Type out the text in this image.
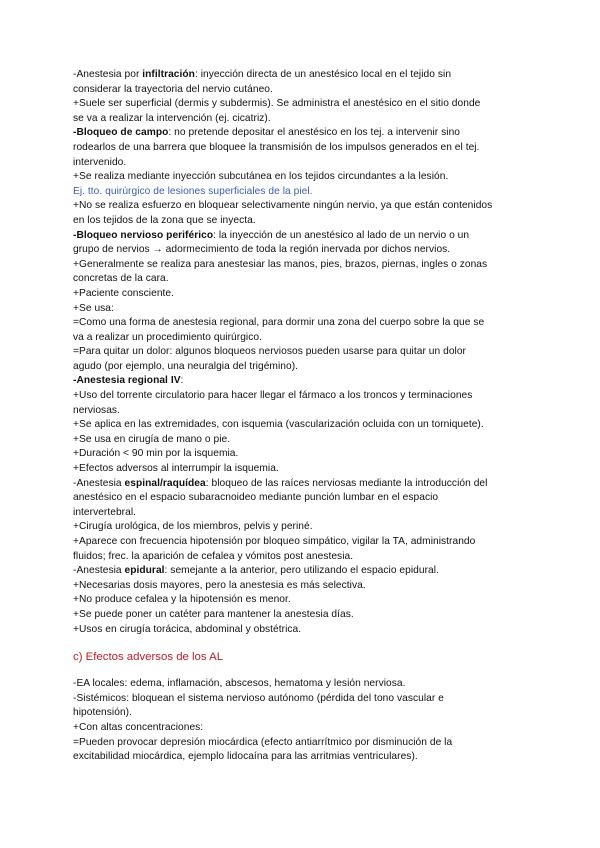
-Anestesia por infiltración: inyección directa de un anestésico local en el tejido sin
considerar la trayectoria del nervio cutáneo.
+Suele ser superficial (dermis y subdermis). Se administra el anestésico en el sitio donde
se va a realizar la intervención (ej. cicatriz).
-Bloqueo de campo: no pretende depositar el anestésico en los tej. a intervenir sino
rodearlos de una barrera que bloquee la transmisión de los impulsos generados en el tej.
intervenido.
+Se realiza mediante inyección subcutánea en los tejidos circundantes a la lesión.
Ej. tto. quirúrgico de lesiones superficiales de la piel.
+No se realiza esfuerzo en bloquear selectivamente ningún nervio, ya que están contenidos
en los tejidos de la zona que se inyecta.
-Bloqueo nervioso periférico: la inyección de un anestésico al lado de un nervio o un
grupo de nervios → adormecimiento de toda la región inervada por dichos nervios.
+Generalmente se realiza para anestesiar las manos, pies, brazos, piernas, ingles o zonas
concretas de la cara.
+Paciente consciente.
+Se usa:
=Como una forma de anestesia regional, para dormir una zona del cuerpo sobre la que se
va a realizar un procedimiento quirúrgico.
=Para quitar un dolor: algunos bloqueos nerviosos pueden usarse para quitar un dolor
agudo (por ejemplo, una neuralgia del trigémino).
-Anestesia regional IV:
+Uso del torrente circulatorio para hacer llegar el fármaco a los troncos y terminaciones
nerviosas.
+Se aplica en las extremidades, con isquemia (vascularización ocluida con un torniquete).
+Se usa en cirugía de mano o pie.
+Duración < 90 min por la isquemia.
+Efectos adversos al interrumpir la isquemia.
-Anestesia espinal/raquídea: bloqueo de las raíces nerviosas mediante la introducción del
anestésico en el espacio subaracnoideo mediante punción lumbar en el espacio
intervertebral.
+Cirugía urológica, de los miembros, pelvis y periné.
+Aparece con frecuencia hipotensión por bloqueo simpático, vigilar la TA, administrando
fluidos; frec. la aparición de cefalea y vómitos post anestesia.
-Anestesia epidural: semejante a la anterior, pero utilizando el espacio epidural.
+Necesarias dosis mayores, pero la anestesia es más selectiva.
+No produce cefalea y la hipotensión es menor.
+Se puede poner un catéter para mantener la anestesia días.
+Usos en cirugía torácica, abdominal y obstétrica.
c) Efectos adversos de los AL
-EA locales: edema, inflamación, abscesos, hematoma y lesión nerviosa.
-Sistémicos: bloquean el sistema nervioso autónomo (pérdida del tono vascular e
hipotensión).
+Con altas concentraciones:
=Pueden provocar depresión miocárdica (efecto antiarrítmico por disminución de la
excitabilidad miocárdica, ejemplo lidocaína para las arritmias ventriculares).
